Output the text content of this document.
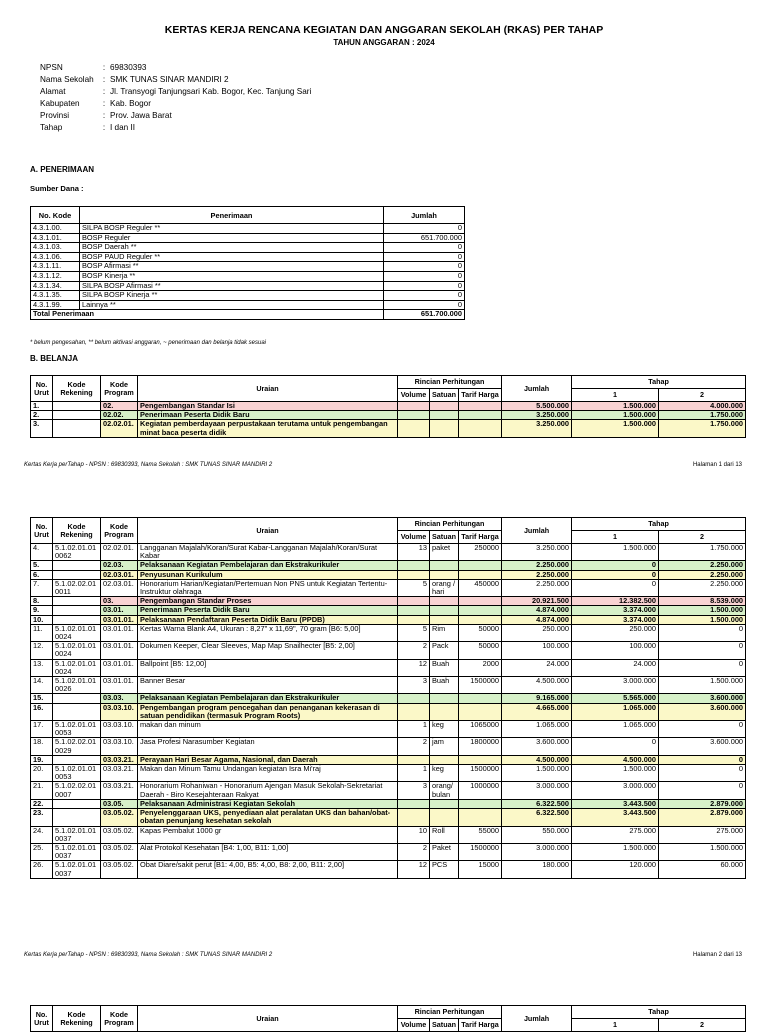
KERTAS KERJA RENCANA KEGIATAN DAN ANGGARAN SEKOLAH (RKAS) PER TAHAP
TAHUN ANGGARAN : 2024
NPSN	: 69830393
Nama Sekolah	: SMK TUNAS SINAR MANDIRI 2
Alamat	: Jl. Transyogi Tanjungsari Kab. Bogor, Kec. Tanjung Sari
Kabupaten	: Kab. Bogor
Provinsi	: Prov. Jawa Barat
Tahap	: I dan II
A. PENERIMAAN
Sumber Dana :
No. Kode	Penerimaan	Jumlah
4.3.1.00.	SILPA BOSP Reguler **	0
4.3.1.01.	BOSP Reguler	651.700.000
4.3.1.03.	BOSP Daerah **	0
4.3.1.06.	BOSP PAUD Reguler **	0
4.3.1.11.	BOSP Afirmasi **	0
4.3.1.12.	BOSP Kinerja **	0
4.3.1.34.	SILPA BOSP Afirmasi **	0
4.3.1.35.	SILPA BOSP Kinerja **	0
4.3.1.99.	Lainnya **	0
Total Penerimaan		651.700.000
* belum pengesahan, ** belum aktivasi anggaran, ~ penerimaan dan belanja tidak sesuai
B. BELANJA
No. Urut	Kode Rekening	Kode Program	Uraian	Rincian Perhitungan			Jumlah	Tahap	
				Volume	Satuan	Tarif Harga		1	2
1.		02.	Pengembangan Standar Isi				5.500.000	1.500.000	4.000.000
2.		02.02.	Penerimaan Peserta Didik Baru				3.250.000	1.500.000	1.750.000
3.		02.02.01.	Kegiatan pemberdayaan perpustakaan terutama untuk pengembangan minat baca peserta didik				3.250.000	1.500.000	1.750.000
Kertas Kerja perTahap - NPSN : 69830393, Nama Sekolah : SMK TUNAS SINAR MANDIRI 2	Halaman 1 dari 13
No. Urut	Kode Rekening	Kode Program	Uraian	Rincian Perhitungan			Jumlah	Tahap	
				Volume	Satuan	Tarif Harga		1	2
4.	5.1.02.01.01 0062	02.02.01.	Langganan Majalah/Koran/Surat Kabar-Langganan Majalah/Koran/Surat Kabar	13	paket	250000	3.250.000	1.500.000	1.750.000
5.		02.03.	Pelaksanaan Kegiatan Pembelajaran dan Ekstrakurikuler				2.250.000	0	2.250.000
6.		02.03.01.	Penyusunan Kurikulum				2.250.000	0	2.250.000
7.	5.1.02.02.01 0011	02.03.01.	Honorarium Harian/Kegiatan/Pertemuan Non PNS untuk Kegiatan Tertentu-Instruktur olahraga	5	orang / hari	450000	2.250.000	0	2.250.000
8.		03.	Pengembangan Standar Proses				20.921.500	12.382.500	8.539.000
9.		03.01.	Penerimaan Peserta Didik Baru				4.874.000	3.374.000	1.500.000
10.		03.01.01.	Pelaksanaan Pendaftaran Peserta Didik Baru (PPDB)				4.874.000	3.374.000	1.500.000
11.	5.1.02.01.01 0024	03.01.01.	Kertas Warna Blank A4, Ukuran : 8,27" x 11,69", 70 gram [B6: 5,00]	5	Rim	50000	250.000	250.000	0
12.	5.1.02.01.01 0024	03.01.01.	Dokumen Keeper, Clear Sleeves, Map Map Snailhecter [B5: 2,00]	2	Pack	50000	100.000	100.000	0
13.	5.1.02.01.01 0024	03.01.01.	Ballpoint [B5: 12,00]	12	Buah	2000	24.000	24.000	0
14.	5.1.02.01.01 0026	03.01.01.	Banner Besar	3	Buah	1500000	4.500.000	3.000.000	1.500.000
15.		03.03.	Pelaksanaan Kegiatan Pembelajaran dan Ekstrakurikuler				9.165.000	5.565.000	3.600.000
16.		03.03.10.	Pengembangan program pencegahan dan penanganan kekerasan di satuan pendidikan (termasuk Program Roots)				4.665.000	1.065.000	3.600.000
17.	5.1.02.01.01 0053	03.03.10.	makan dan minum	1	keg	1065000	1.065.000	1.065.000	0
18.	5.1.02.02.01 0029	03.03.10.	Jasa Profesi Narasumber Kegiatan	2	jam	1800000	3.600.000	0	3.600.000
19.		03.03.21.	Perayaan Hari Besar Agama, Nasional, dan Daerah				4.500.000	4.500.000	0
20.	5.1.02.01.01 0053	03.03.21.	Makan dan Minum Tamu Undangan kegiatan Isra Mi'raj	1	keg	1500000	1.500.000	1.500.000	0
21.	5.1.02.02.01 0007	03.03.21.	Honorarium Rohaniwan - Honorarium Ajengan Masuk Sekolah-Sekretariat Daerah - Biro Kesejahteraan Rakyat	3	orang/ bulan	1000000	3.000.000	3.000.000	0
22.		03.05.	Pelaksanaan Administrasi Kegiatan Sekolah				6.322.500	3.443.500	2.879.000
23.		03.05.02.	Penyelenggaraan UKS, penyediaan alat peralatan UKS dan bahan/obat-obatan penunjang kesehatan sekolah				6.322.500	3.443.500	2.879.000
24.	5.1.02.01.01 0037	03.05.02.	Kapas Pembalut 1000 gr	10	Roll	55000	550.000	275.000	275.000
25.	5.1.02.01.01 0037	03.05.02.	Alat Protokol Kesehatan [B4: 1,00, B11: 1,00]	2	Paket	1500000	3.000.000	1.500.000	1.500.000
26.	5.1.02.01.01 0037	03.05.02.	Obat Diare/sakit perut [B1: 4,00, B5: 4,00, B8: 2,00, B11: 2,00]	12	PCS	15000	180.000	120.000	60.000
Kertas Kerja perTahap - NPSN : 69830393, Nama Sekolah : SMK TUNAS SINAR MANDIRI 2	Halaman 2 dari 13
No. Urut	Kode Rekening	Kode Program	Uraian	Rincian Perhitungan			Jumlah	Tahap	
				Volume	Satuan	Tarif Harga		1	2
